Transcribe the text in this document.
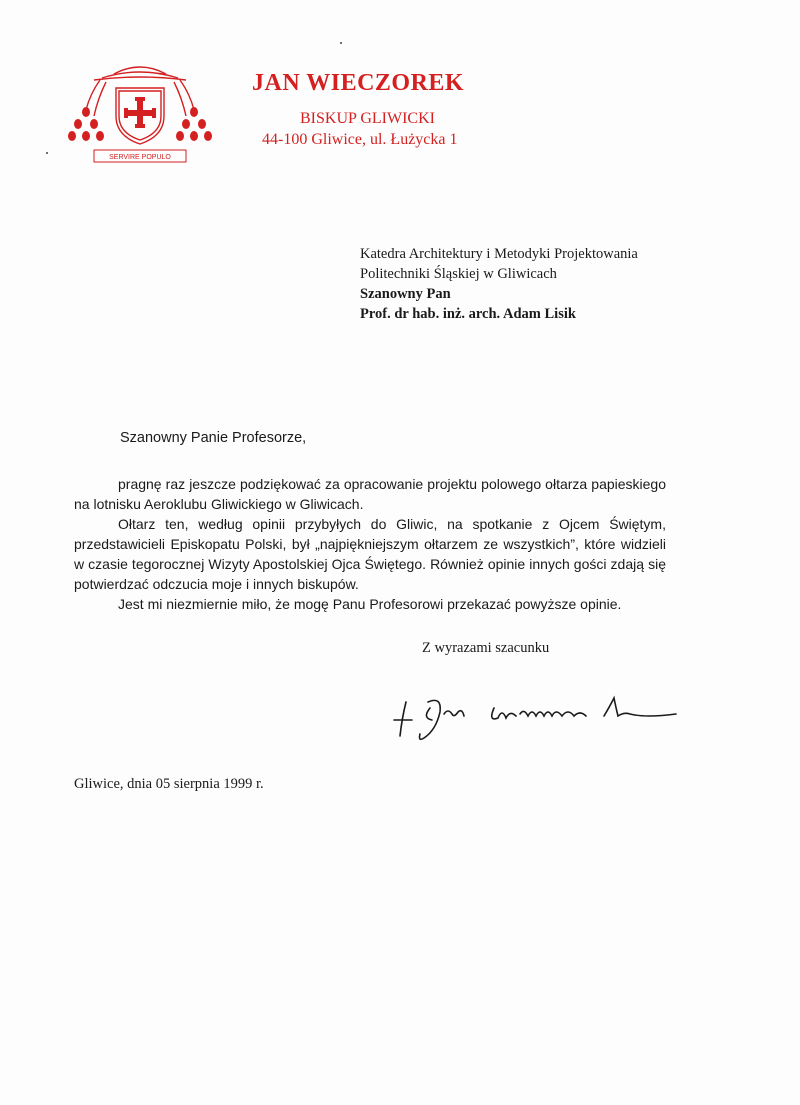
SERVIRE POPULO
JAN WIECZOREK
BISKUP GLIWICKI
44-100 Gliwice, ul. Łużycka 1
Katedra Architektury i Metodyki Projektowania
Politechniki Śląskiej w Gliwicach
Szanowny Pan
Prof. dr hab. inż. arch. Adam Lisik
Szanowny Panie Profesorze,

pragnę raz jeszcze podziękować za opracowanie projektu polowego ołtarza papieskiego na lotnisku Aeroklubu Gliwickiego w Gliwicach.

Ołtarz ten, według opinii przybyłych do Gliwic, na spotkanie z Ojcem Świętym, przedstawicieli Episkopatu Polski, był „najpiękniejszym ołtarzem ze wszystkich”, które widzieli w czasie tegorocznej Wizyty Apostolskiej Ojca Świętego. Również opinie innych gości zdają się potwierdzać odczucia moje i innych biskupów.

Jest mi niezmiernie miło, że mogę Panu Profesorowi przekazać powyższe opinie.

Z wyrazami szacunku
Gliwice, dnia 05 sierpnia 1999 r.
